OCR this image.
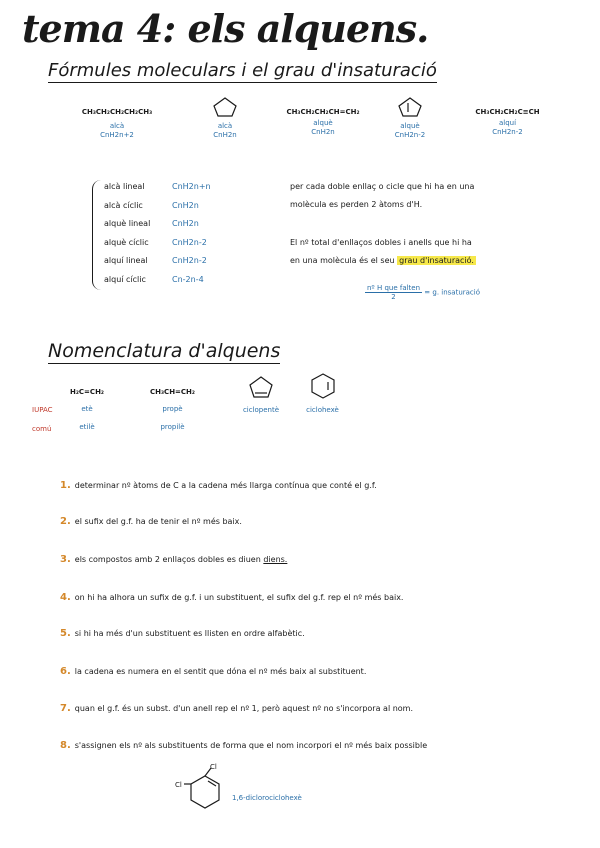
tema 4: els alquens.
Fórmules moleculars i el grau d'insaturació
CH₃CH₂CH₂CH₂CH₃
alcà
CnH2n+2
alcà
CnH2n
CH₃CH₂CH₂CH=CH₂
alquè
CnH2n
alquè
CnH2n-2
CH₃CH₂CH₂C≡CH
alquí
CnH2n-2
alcà lineal	CnH2n+n
alcà cíclic	CnH2n
alquè lineal	CnH2n
alquè cíclic	CnH2n-2
alquí lineal	CnH2n-2
alquí cíclic	Cn-2n-4
per cada doble enllaç o cicle que hi ha en una
molècula es perden 2 àtoms d'H.
El nº total d'enllaços dobles i anells que hi ha
en una molècula és el seu grau d'insaturació.
nº H que falten
2
= g. insaturació
Nomenclatura d'alquens
IUPAC
comú
H₂C=CH₂
etè
etilè
CH₃CH=CH₂
propè
propilè
ciclopentè	ciclohexè
1. determinar nº àtoms de C a la cadena més llarga contínua que conté el g.f.
2. el sufix del g.f. ha de tenir el nº més baix.
3. els compostos amb 2 enllaços dobles es diuen diens.
4. on hi ha alhora un sufix de g.f. i un substituent, el sufix del g.f. rep el nº més baix.
5. si hi ha més d'un substituent es llisten en ordre alfabètic.
6. la cadena es numera en el sentit que dóna el nº més baix al substituent.
7. quan el g.f. és un subst. d'un anell rep el nº 1, però aquest nº no s'incorpora al nom.
8. s'assignen els nº als substituents de forma que el nom incorpori el nº més baix possible
Cl
Cl
1,6-diclorociclohexè
